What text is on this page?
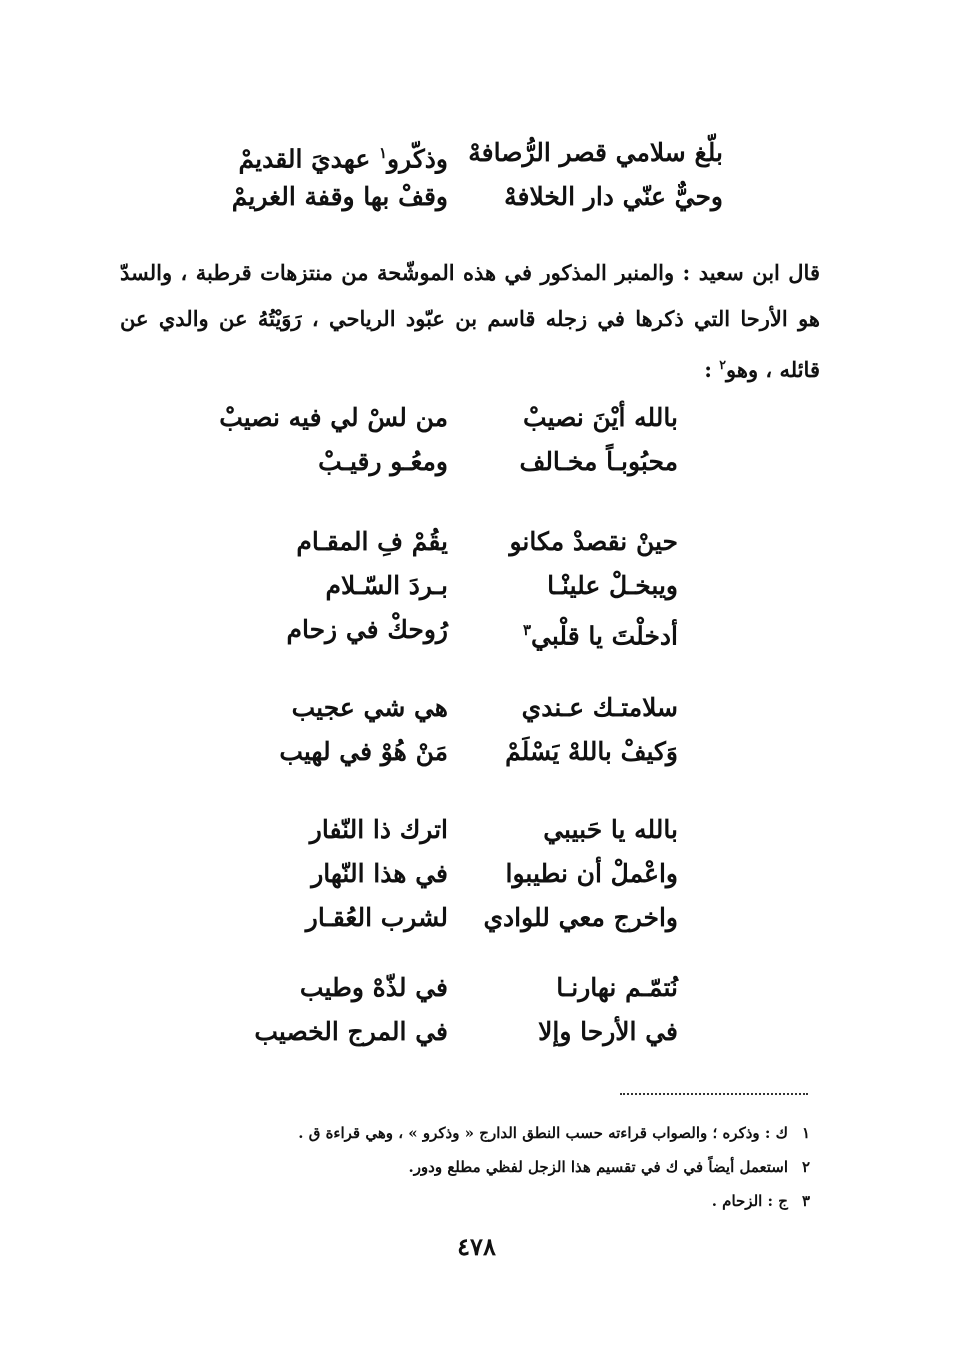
بلّغ سلامي قصر الرُّصافهْ
وذكّرو$^١$ عهديَ القديمْ
وحيٌّ عنّي دار الخلافهْ
وقفْ بها وقفة الغريمْ
قال ابن سعيد : والمنبر المذكور في هذه الموشّحة من منتزهات قرطبة ، والسدّ هو الأرحا التي ذكرها في زجله قاسم بن عبّود الرياحي ، رَوَيْتُهُ عن والدي عن قائله ، وهو$^٢$ :
بالله أيْنَ نصيبْ
من لسْ لي فيه نصيبْ
محبُوبـاً مخـالف
ومعُـو رقيـبْ
حينْ نقصدْ مكانو
يقُمْ فِ المقـام
ويبخـلْ علينْـا
بـردَ السّـلام
أدخلْتَ يا قلْبي$^٣$
رُوحكْ في زحام
سلامتـك عـندي
هي شي عجيب
وَكيفْ باللهْ يَسْلَمْ
مَنْ هُوْ في لهيب
بالله يا حَبيبي
اترك ذا النّفار
واعْملْ أن نطيبوا
في هذا النّهار
واخرج معي للوادي
لشرب العُقـار
نُتمّـم نهارنـا
في لذّهْ وطيب
في الأرحا وإلا
في المرج الخصيب
١ك : وذكره ؛ والصواب قراءته حسب النطق الدارج « وذكرو » ، وهي قراءة ق .
٢استعمل أيضاً في ك في تقسيم هذا الزجل لفظي مطلع ودور.
٣ج : الزحام .
٤٧٨
